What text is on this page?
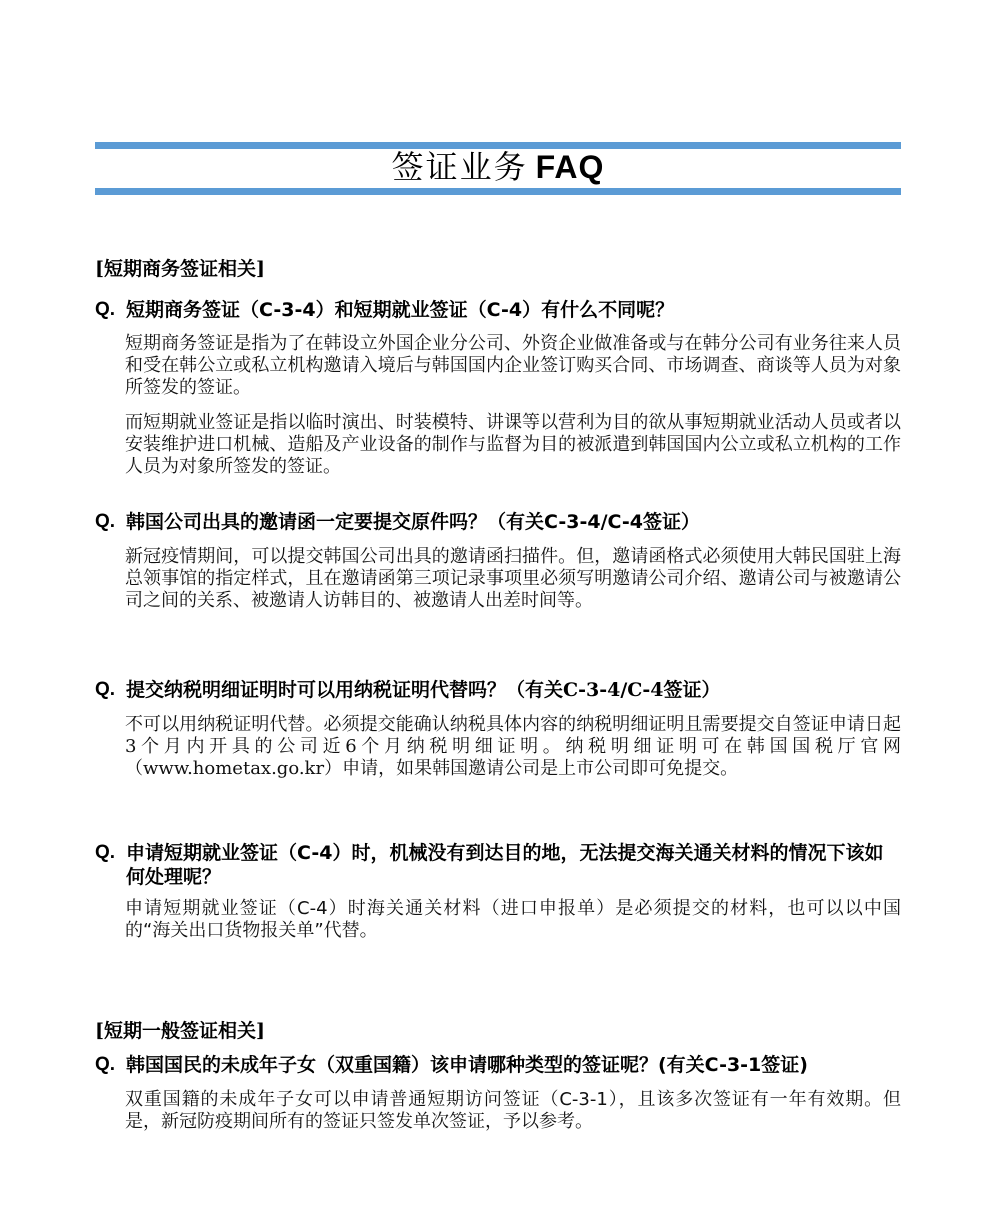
签证业务 FAQ
[短期商务签证相关]
Q. 短期商务签证（C-3-4）和短期就业签证（C-4）有什么不同呢？
短期商务签证是指为了在韩设立外国企业分公司、外资企业做准备或与在韩分公司有业务往来人员和受在韩公立或私立机构邀请入境后与韩国国内企业签订购买合同、市场调查、商谈等人员为对象所签发的签证。
而短期就业签证是指以临时演出、时装模特、讲课等以营利为目的欲从事短期就业活动人员或者以安装维护进口机械、造船及产业设备的制作与监督为目的被派遣到韩国国内公立或私立机构的工作人员为对象所签发的签证。
Q. 韩国公司出具的邀请函一定要提交原件吗？（有关C-3-4/C-4签证）
新冠疫情期间，可以提交韩国公司出具的邀请函扫描件。但，邀请函格式必须使用大韩民国驻上海总领事馆的指定样式，且在邀请函第三项记录事项里必须写明邀请公司介绍、邀请公司与被邀请公司之间的关系、被邀请人访韩目的、被邀请人出差时间等。
Q. 提交纳税明细证明时可以用纳税证明代替吗？（有关C-3-4/C-4签证）
不可以用纳税证明代替。必须提交能确认纳税具体内容的纳税明细证明且需要提交自签证申请日起3个月内开具的公司近6个月纳税明细证明。纳税明细证明可在韩国国税厅官网（www.hometax.go.kr）申请，如果韩国邀请公司是上市公司即可免提交。
Q. 申请短期就业签证（C-4）时，机械没有到达目的地，无法提交海关通关材料的情况下该如何处理呢？
申请短期就业签证（C-4）时海关通关材料（进口申报单）是必须提交的材料，也可以以中国的“海关出口货物报关单”代替。
[短期一般签证相关]
Q. 韩国国民的未成年子女（双重国籍）该申请哪种类型的签证呢？(有关C-3-1签证)
双重国籍的未成年子女可以申请普通短期访问签证（C-3-1），且该多次签证有一年有效期。但是，新冠防疫期间所有的签证只签发单次签证，予以参考。
